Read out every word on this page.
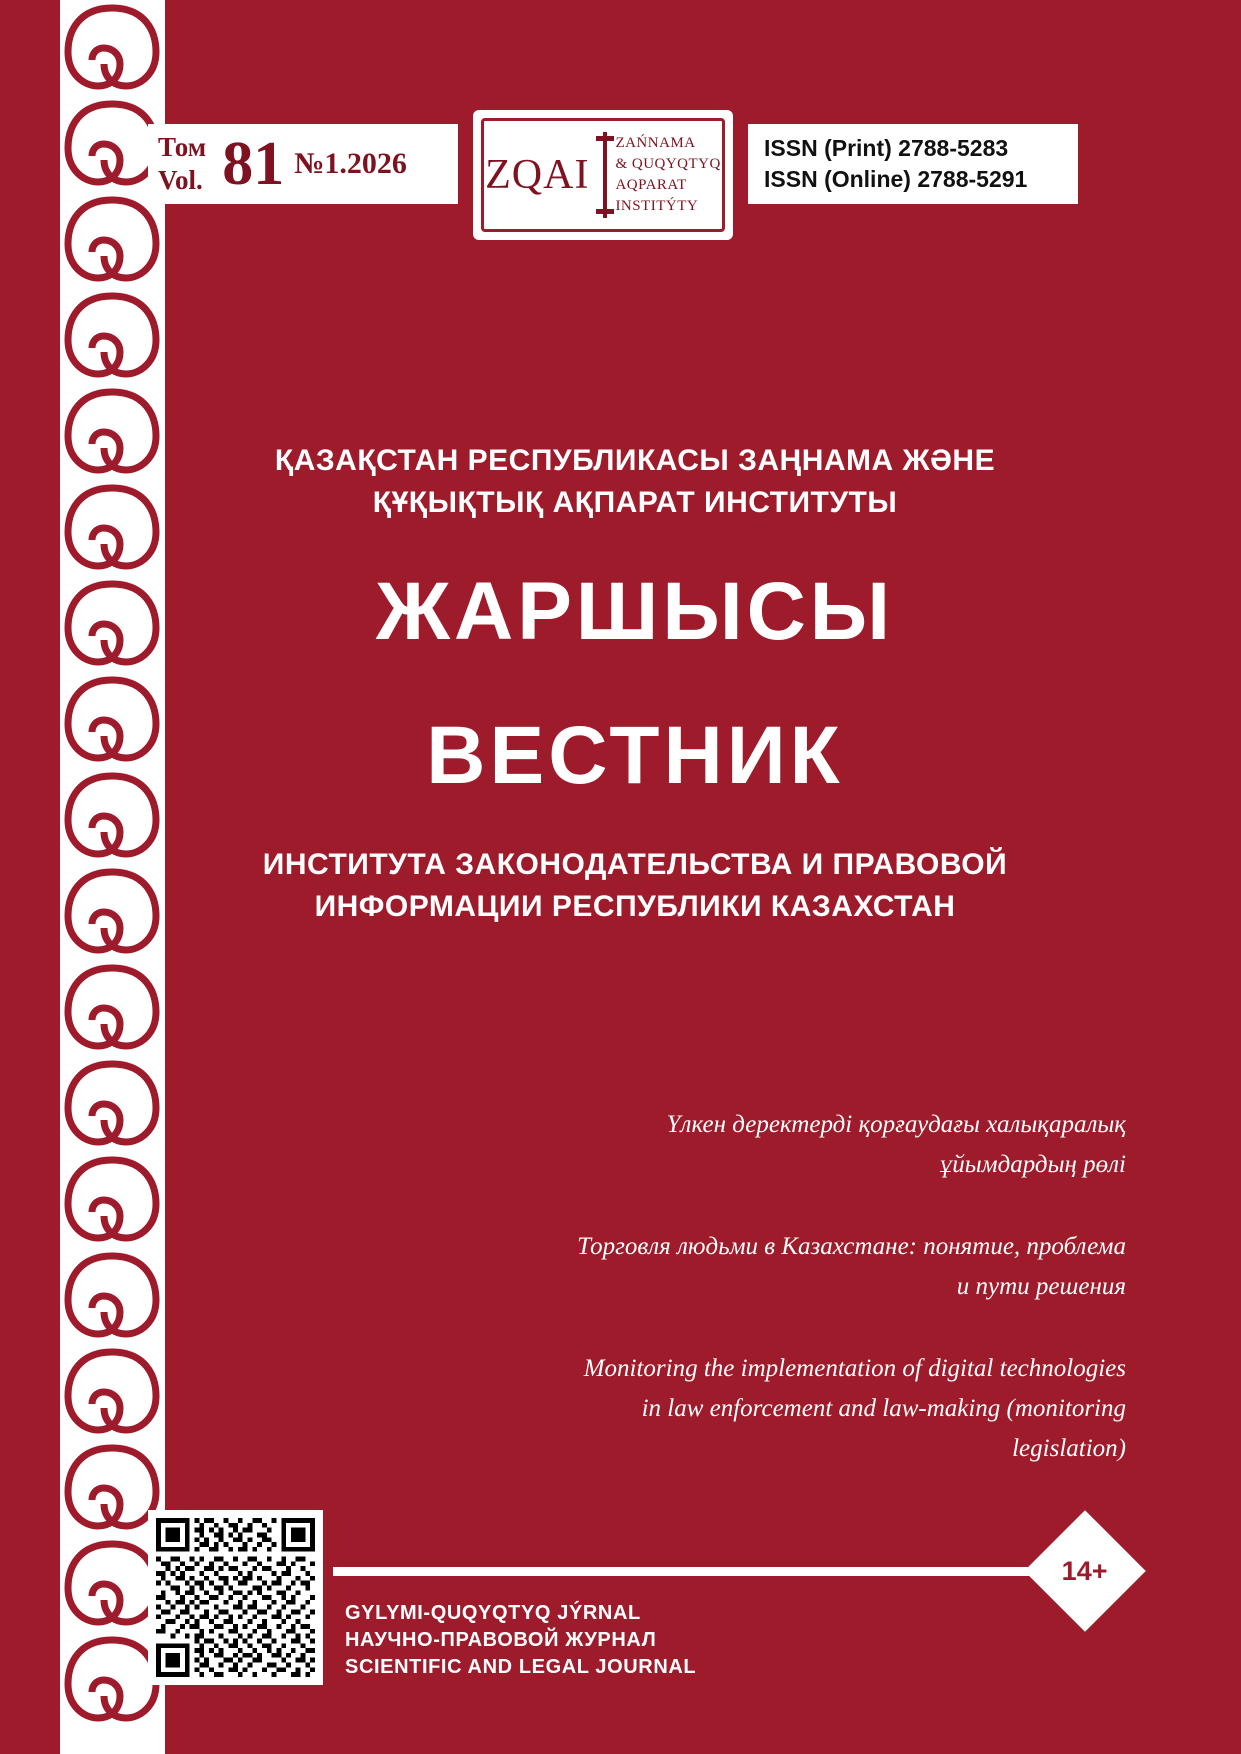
Том
Vol. 81 №1.2026 ZQAI
ZAŃNAMA
& QUQYQTYQ
AQPARAT
INSTITÝTY
ISSN (Print) 2788-5283
ISSN (Online) 2788-5291
ҚАЗАҚСТАН РЕСПУБЛИКАСЫ ЗАҢНАМА ЖӘНЕ ҚҰҚЫҚТЫҚ АҚПАРАТ ИНСТИТУТЫ
ЖАРШЫСЫ
ВЕСТНИК
ИНСТИТУТА ЗАКОНОДАТЕЛЬСТВА И ПРАВОВОЙ ИНФОРМАЦИИ РЕСПУБЛИКИ КАЗАХСТАН
Үлкен деректерді қорғаудағы халықаралық ұйымдардың рөлі
Торговля людьми в Казахстане: понятие, проблема и пути решения
Monitoring the implementation of digital technologies in law enforcement and law-making (monitoring legislation)
14+
GYLYMI-QUQYQTYQ JÝRNAL
НАУЧНО-ПРАВОВОЙ ЖУРНАЛ
SCIENTIFIC AND LEGAL JOURNAL
